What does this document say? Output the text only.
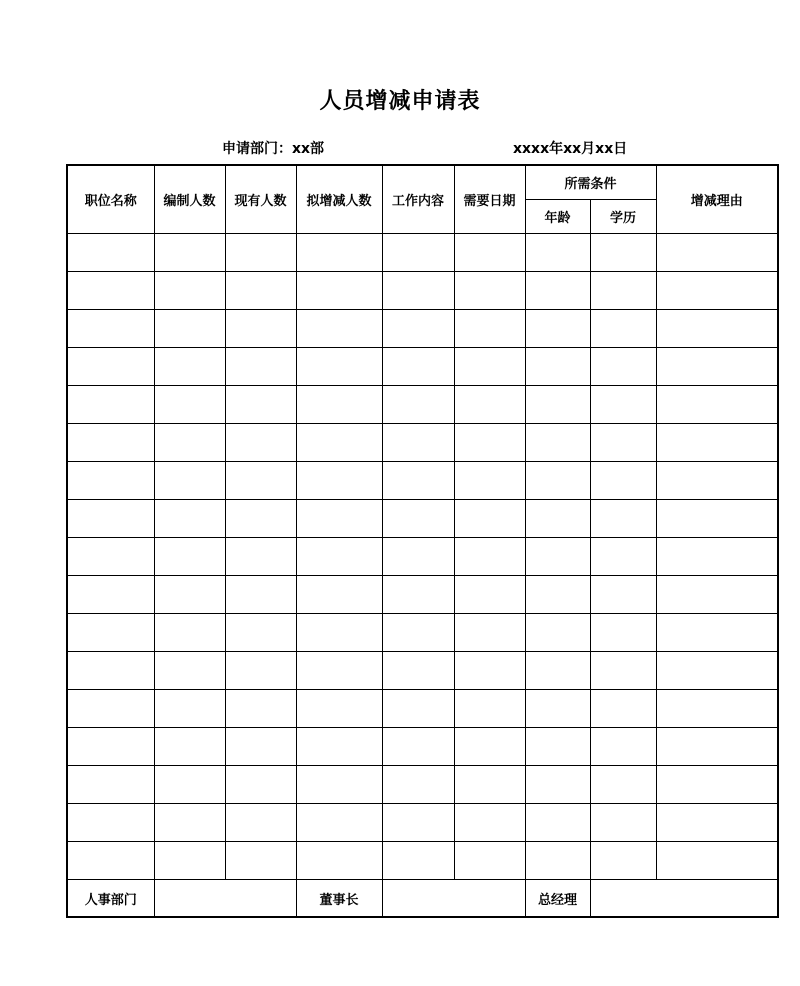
人员增减申请表
申请部门：xx部	xxxx年xx月xx日
职位名称	编制人数	现有人数	拟增减人数	工作内容	需要日期	所需条件		增减理由
						年龄	学历	

人事部门			董事长			总经理		
